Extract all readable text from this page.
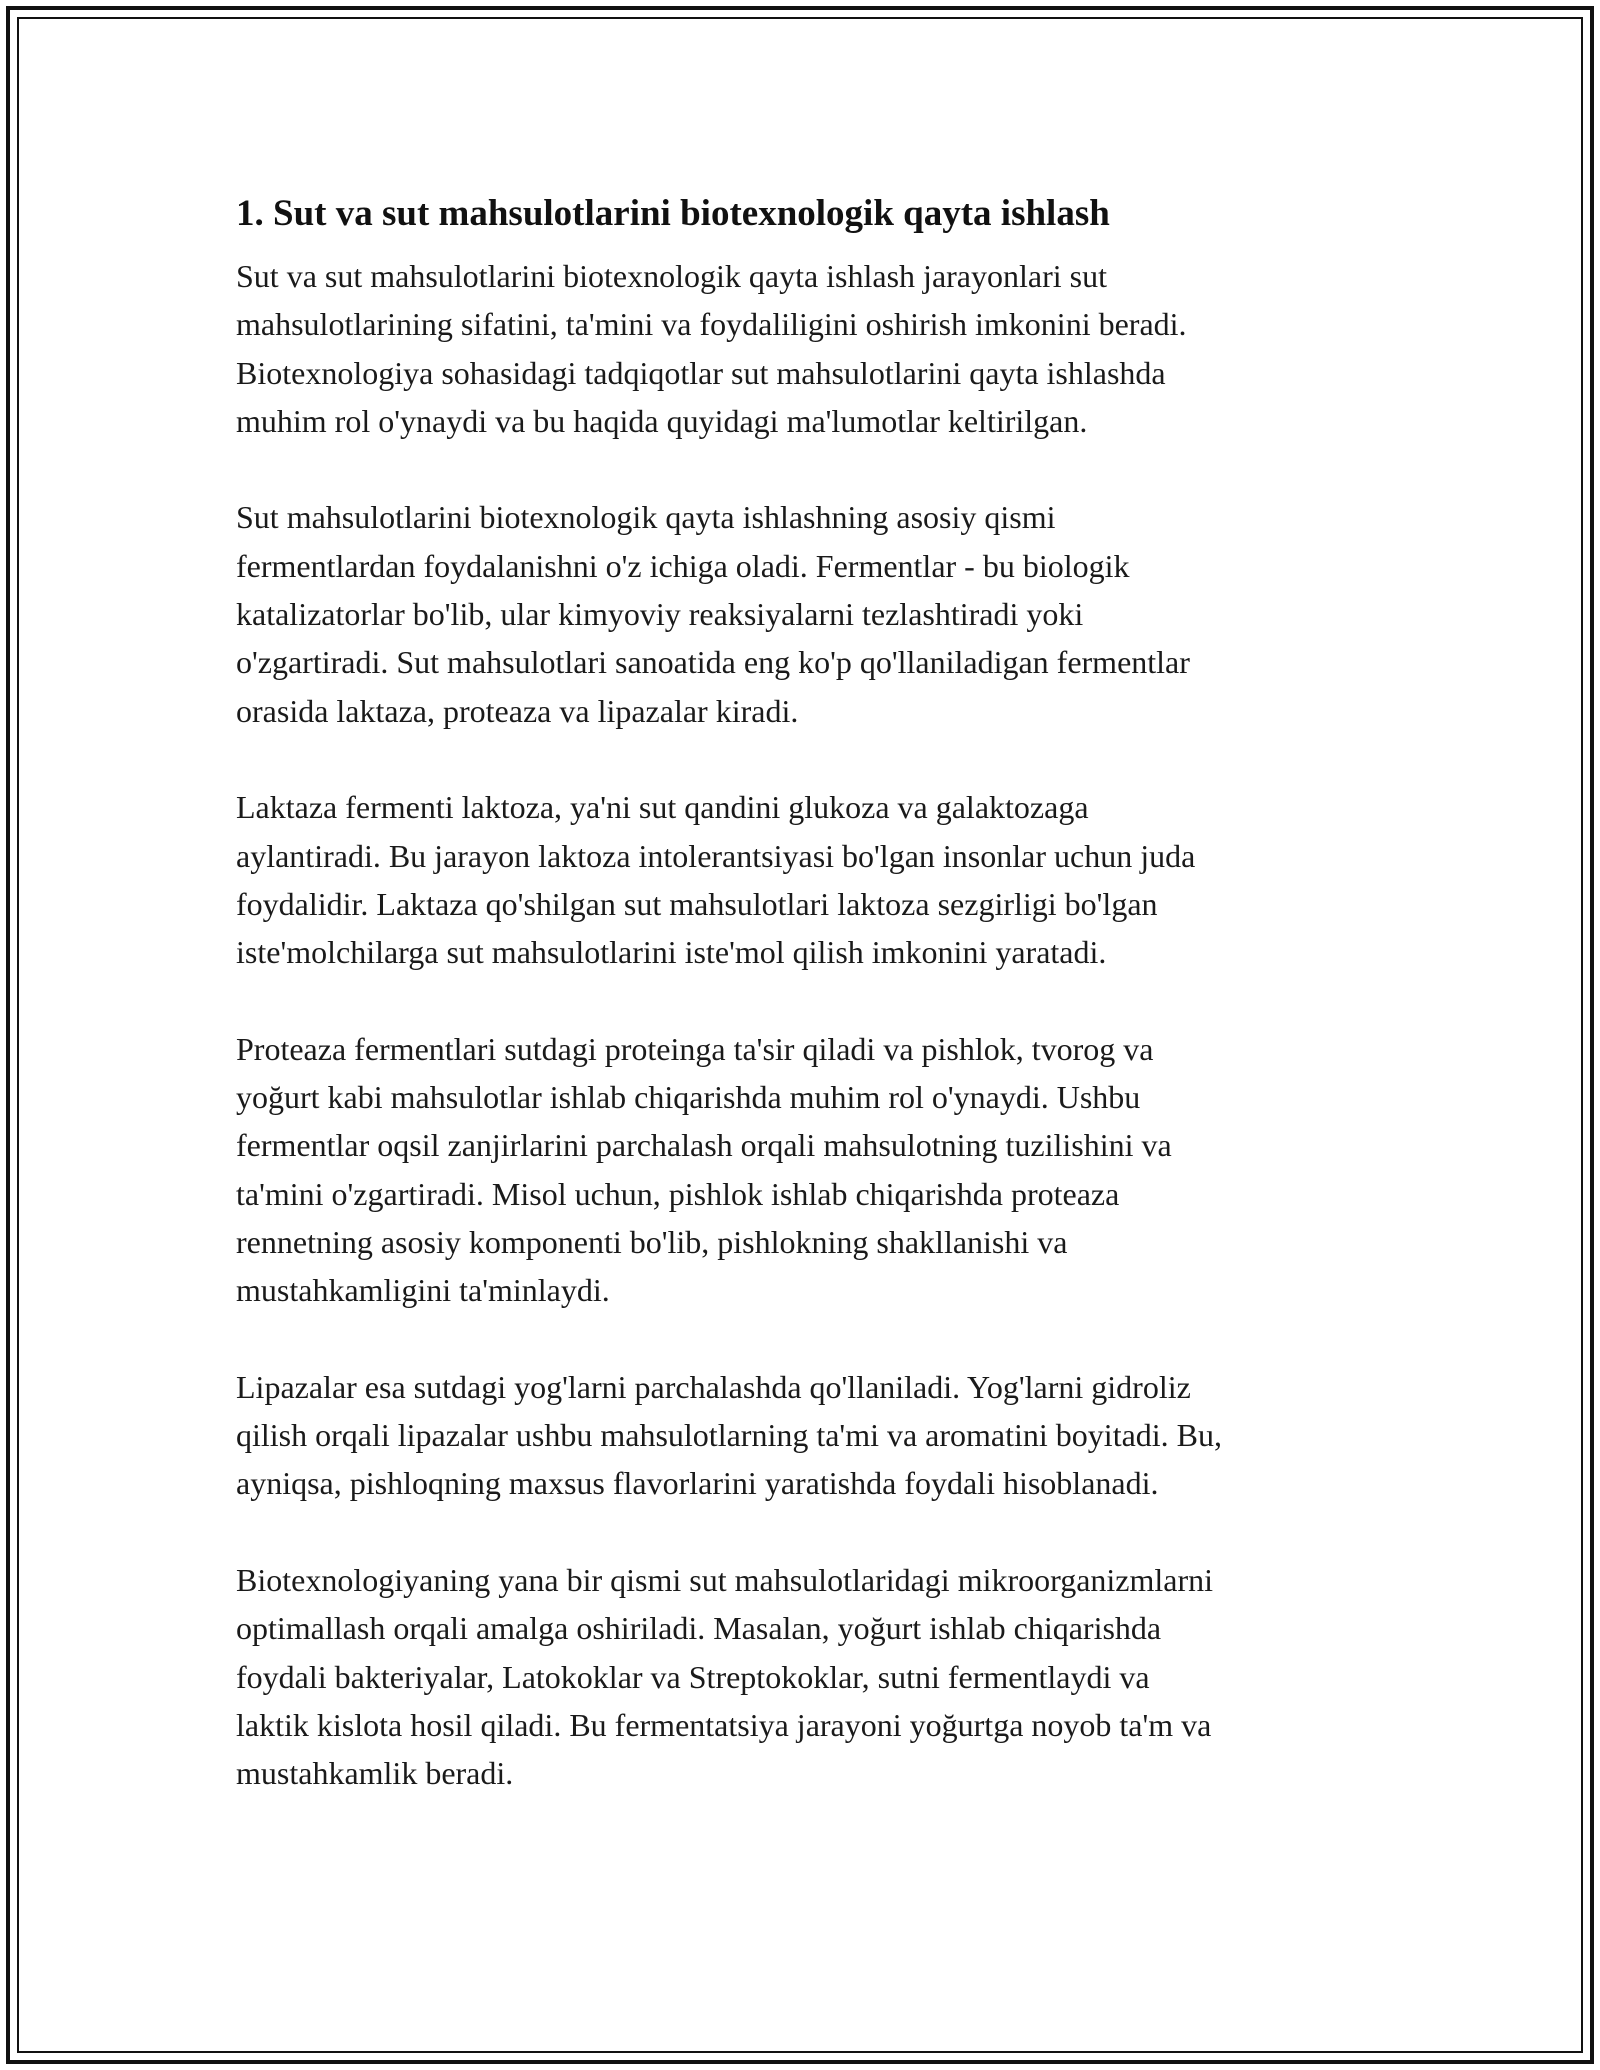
1. Sut va sut mahsulotlarini biotexnologik qayta ishlash

Sut va sut mahsulotlarini biotexnologik qayta ishlash jarayonlari sut
mahsulotlarining sifatini, ta'mini va foydaliligini oshirish imkonini beradi.
Biotexnologiya sohasidagi tadqiqotlar sut mahsulotlarini qayta ishlashda
muhim rol o'ynaydi va bu haqida quyidagi ma'lumotlar keltirilgan.

Sut mahsulotlarini biotexnologik qayta ishlashning asosiy qismi
fermentlardan foydalanishni o'z ichiga oladi. Fermentlar - bu biologik
katalizatorlar bo'lib, ular kimyoviy reaksiyalarni tezlashtiradi yoki
o'zgartiradi. Sut mahsulotlari sanoatida eng ko'p qo'llaniladigan fermentlar
orasida laktaza, proteaza va lipazalar kiradi.

Laktaza fermenti laktoza, ya'ni sut qandini glukoza va galaktozaga
aylantiradi. Bu jarayon laktoza intolerantsiyasi bo'lgan insonlar uchun juda
foydalidir. Laktaza qo'shilgan sut mahsulotlari laktoza sezgirligi bo'lgan
iste'molchilarga sut mahsulotlarini iste'mol qilish imkonini yaratadi.

Proteaza fermentlari sutdagi proteinga ta'sir qiladi va pishlok, tvorog va
yoğurt kabi mahsulotlar ishlab chiqarishda muhim rol o'ynaydi. Ushbu
fermentlar oqsil zanjirlarini parchalash orqali mahsulotning tuzilishini va
ta'mini o'zgartiradi. Misol uchun, pishlok ishlab chiqarishda proteaza
rennetning asosiy komponenti bo'lib, pishlokning shakllanishi va
mustahkamligini ta'minlaydi.

Lipazalar esa sutdagi yog'larni parchalashda qo'llaniladi. Yog'larni gidroliz
qilish orqali lipazalar ushbu mahsulotlarning ta'mi va aromatini boyitadi. Bu,
ayniqsa, pishloqning maxsus flavorlarini yaratishda foydali hisoblanadi.

Biotexnologiyaning yana bir qismi sut mahsulotlaridagi mikroorganizmlarni
optimallash orqali amalga oshiriladi. Masalan, yoğurt ishlab chiqarishda
foydali bakteriyalar, Latokoklar va Streptokoklar, sutni fermentlaydi va
laktik kislota hosil qiladi. Bu fermentatsiya jarayoni yoğurtga noyob ta'm va
mustahkamlik beradi.
